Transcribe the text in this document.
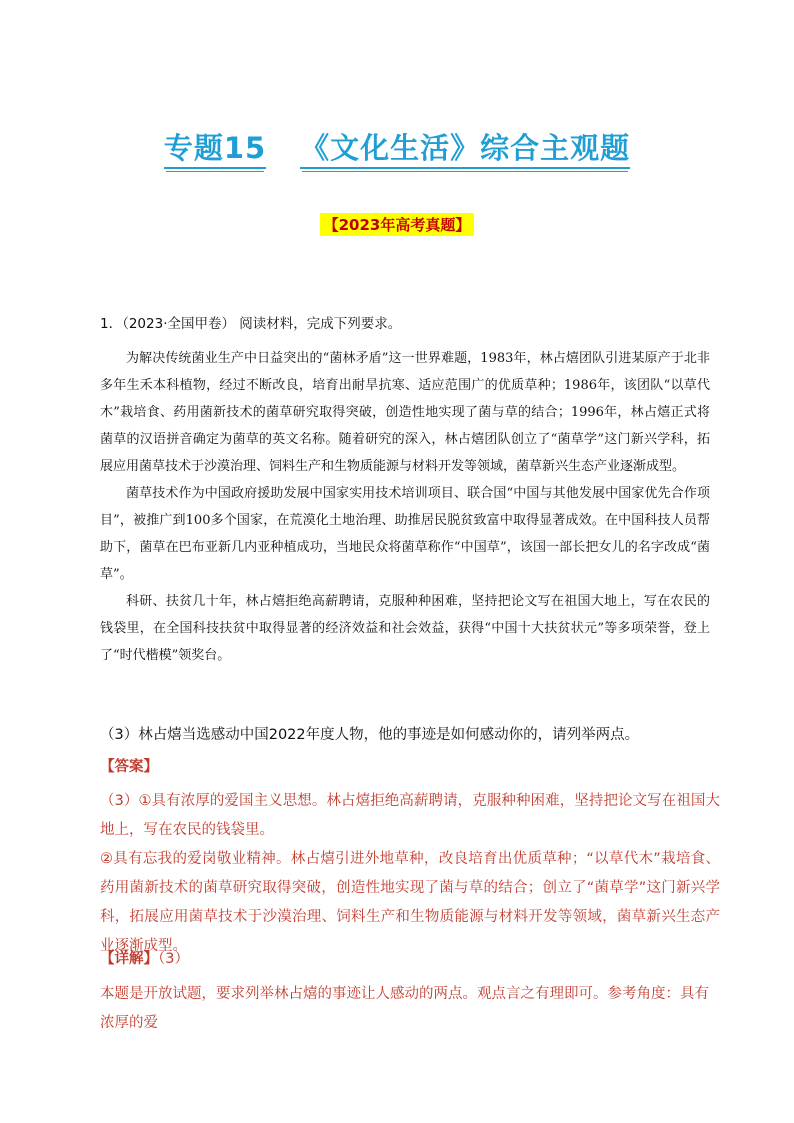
专题15 《文化生活》综合主观题
【2023年高考真题】
1．（2023·全国甲卷） 阅读材料，完成下列要求。

为解决传统菌业生产中日益突出的“菌林矛盾”这一世界难题，1983年，林占熺团队引进某原产于北非多年生禾本科植物，经过不断改良，培育出耐旱抗寒、适应范围广的优质草种；1986年，该团队“以草代木”栽培食、药用菌新技术的菌草研究取得突破，创造性地实现了菌与草的结合；1996年，林占熺正式将菌草的汉语拼音确定为菌草的英文名称。随着研究的深入，林占熺团队创立了“菌草学”这门新兴学科，拓展应用菌草技术于沙漠治理、饲料生产和生物质能源与材料开发等领域，菌草新兴生态产业逐渐成型。

菌草技术作为中国政府援助发展中国家实用技术培训项目、联合国“中国与其他发展中国家优先合作项目”，被推广到100多个国家，在荒漠化土地治理、助推居民脱贫致富中取得显著成效。在中国科技人员帮助下，菌草在巴布亚新几内亚种植成功，当地民众将菌草称作“中国草”，该国一部长把女儿的名字改成“菌草”。

科研、扶贫几十年，林占熺拒绝高薪聘请，克服种种困难，坚持把论文写在祖国大地上，写在农民的钱袋里，在全国科技扶贫中取得显著的经济效益和社会效益，获得“中国十大扶贫状元”等多项荣誉，登上了“时代楷模”领奖台。

（3）林占熺当选感动中国2022年度人物，他的事迹是如何感动你的，请列举两点。
【答案】

（3）①具有浓厚的爱国主义思想。林占熺拒绝高薪聘请，克服种种困难，坚持把论文写在祖国大地上，写在农民的钱袋里。

②具有忘我的爱岗敬业精神。林占熺引进外地草种，改良培育出优质草种；“以草代木”栽培食、药用菌新技术的菌草研究取得突破，创造性地实现了菌与草的结合；创立了“菌草学”这门新兴学科，拓展应用菌草技术于沙漠治理、饲料生产和生物质能源与材料开发等领域，菌草新兴生态产业逐渐成型。

【详解】（3）
本题是开放试题，要求列举林占熺的事迹让人感动的两点。观点言之有理即可。参考角度：具有浓厚的爱
